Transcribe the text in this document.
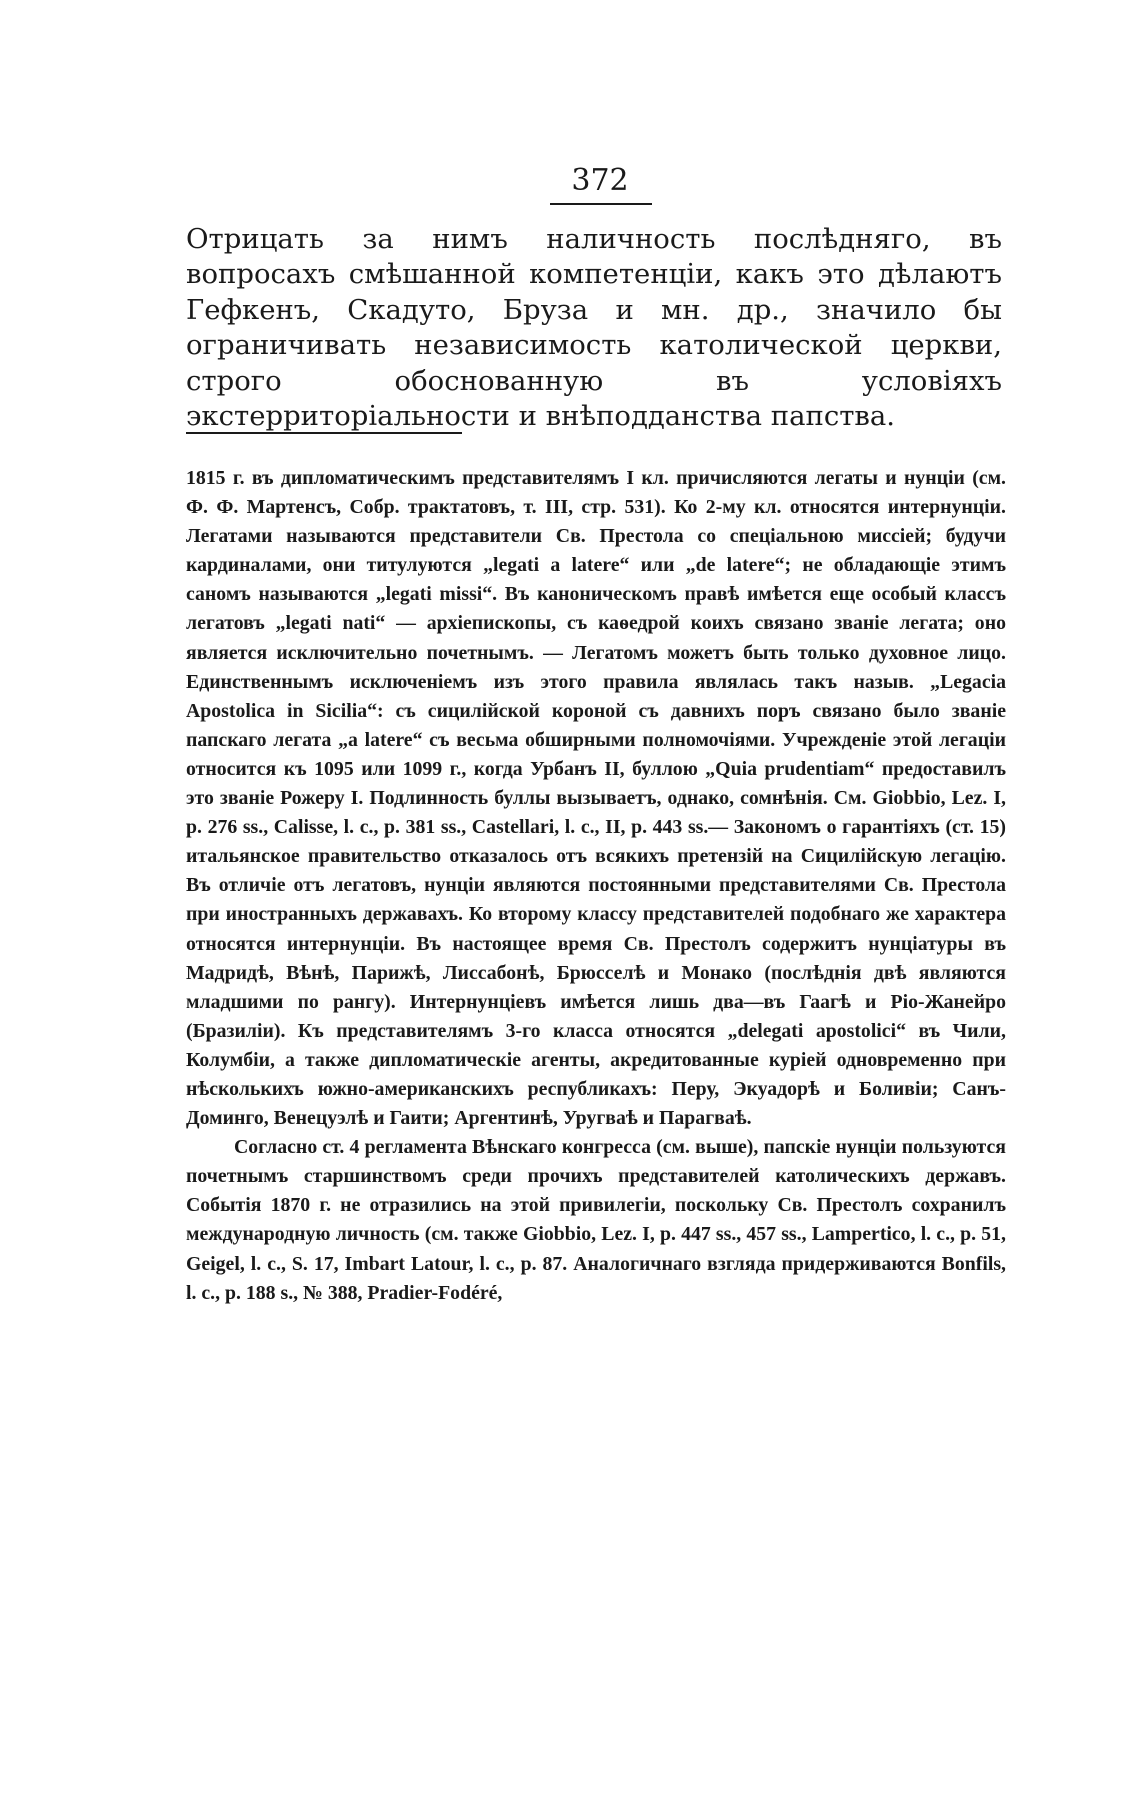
372

Отрицать за нимъ наличность послѣдняго, въ вопросахъ смѣшанной компетенціи, какъ это дѣлаютъ Гефкенъ, Скадуто, Бруза и мн. др., значило бы ограничивать независимость католической церкви, строго обоснованную въ условіяхъ экстерриторіальности и внѣподданства папства.

1815 г. въ дипломатическимъ представителямъ I кл. причисляются легаты и нунціи (см. Ф. Ф. Мартенсъ, Собр. трактатовъ, т. III, стр. 531). Ко 2-му кл. относятся интернунціи. Легатами называются представители Св. Престола со спеціальною миссіей; будучи кардиналами, они титулуются „legati a latere“ или „de latere“; не обладающіе этимъ саномъ называются „legati missi“. Въ каноническомъ правѣ имѣется еще особый классъ легатовъ „legati nati“ — архіепископы, съ каѳедрой коихъ связано званіе легата; оно является исключительно почетнымъ. — Легатомъ можетъ быть только духовное лицо. Единственнымъ исключеніемъ изъ этого правила являлась такъ назыв. „Legacia Apostolica in Sicilia“: съ сицилійской короной съ давнихъ поръ связано было званіе папскаго легата „a latere“ съ весьма обширными полномочіями. Учрежденіе этой легаціи относится къ 1095 или 1099 г., когда Урбанъ II, буллою „Quia prudentiam“ предоставилъ это званіе Рожеру I. Подлинность буллы вызываетъ, однако, сомнѣнія. См. Giobbio, Lez. I, p. 276 ss., Calisse, l. c., p. 381 ss., Castellari, l. c., II, p. 443 ss.— Закономъ о гарантіяхъ (ст. 15) итальянское правительство отказалось отъ всякихъ претензій на Сицилійскую легацію. Въ отличіе отъ легатовъ, нунціи являются постоянными представителями Св. Престола при иностранныхъ державахъ. Ко второму классу представителей подобнаго же характера относятся интернунціи. Въ настоящее время Св. Престолъ содержитъ нунціатуры въ Мадридѣ, Вѣнѣ, Парижѣ, Лиссабонѣ, Брюсселѣ и Монако (послѣднія двѣ являются младшими по рангу). Интернунціевъ имѣется лишь два—въ Гаагѣ и Ріо-Жанейро (Бразиліи). Къ представителямъ 3-го класса относятся „delegati apostolici“ въ Чили, Колумбіи, а также дипломатическіе агенты, акредитованные куріей одновременно при нѣсколькихъ южно-американскихъ республикахъ: Перу, Экуадорѣ и Боливіи; Санъ-Доминго, Венецуэлѣ и Гаити; Аргентинѣ, Уругваѣ и Парагваѣ.

Согласно ст. 4 регламента Вѣнскаго конгресса (см. выше), папскіе нунціи пользуются почетнымъ старшинствомъ среди прочихъ представителей католическихъ державъ. Событія 1870 г. не отразились на этой привилегіи, поскольку Св. Престолъ сохранилъ международную личность (см. также Giobbio, Lez. I, p. 447 ss., 457 ss., Lampertico, l. c., p. 51, Geigel, l. c., S. 17, Imbart Latour, l. c., p. 87. Аналогичнаго взгляда придерживаются Bonfils, l. c., p. 188 s., № 388, Pradier-Fodéré,
